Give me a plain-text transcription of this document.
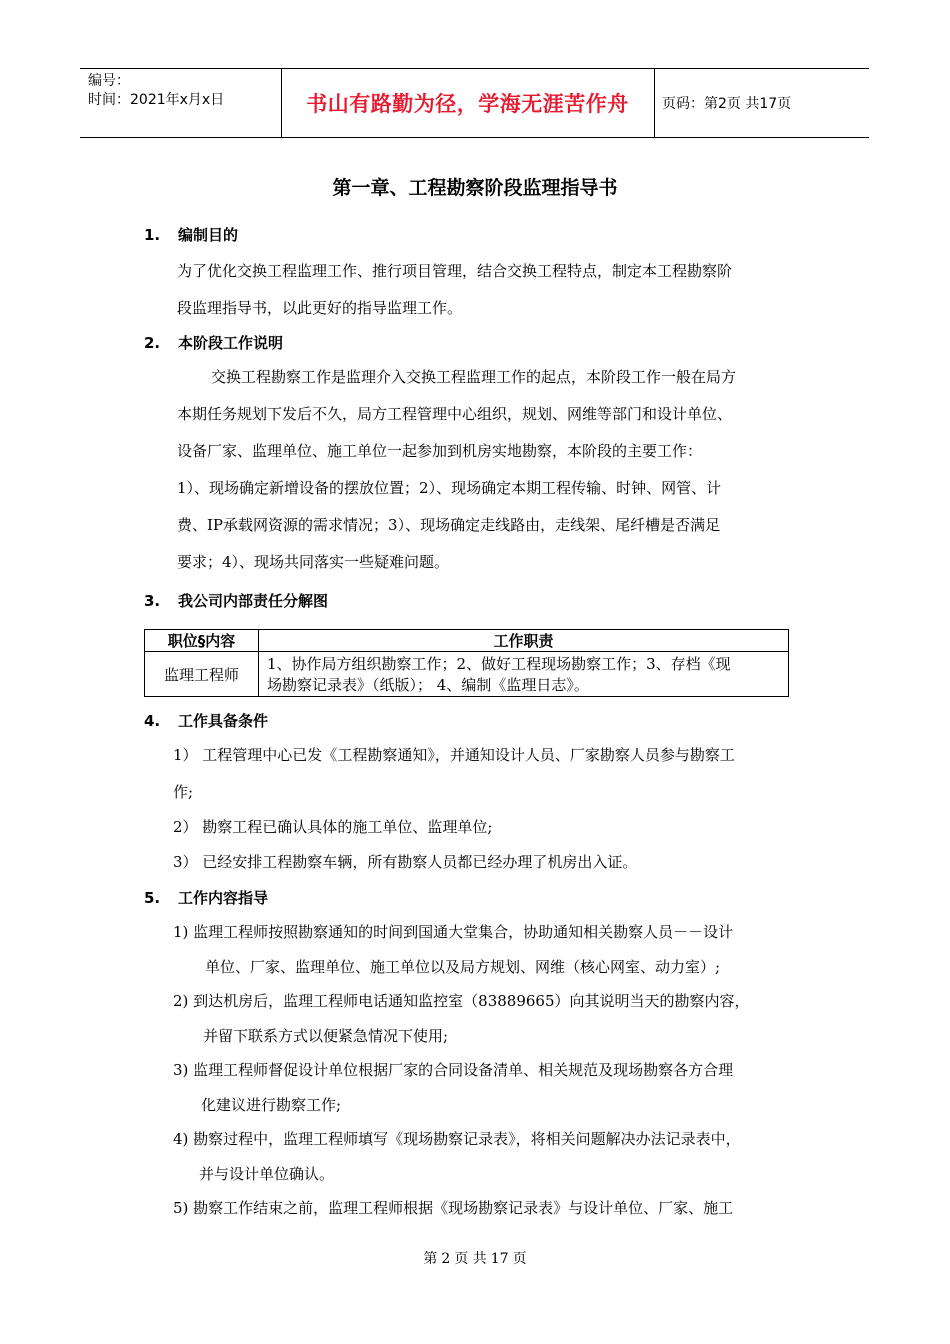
编号：
时间：2021年x月x日	书山有路勤为径，学海无涯苦作舟	页码：第2页 共17页
第一章、工程勘察阶段监理指导书
1. 编制目的
为了优化交换工程监理工作、推行项目管理，结合交换工程特点，制定本工程勘察阶
段监理指导书，以此更好的指导监理工作。
2. 本阶段工作说明
交换工程勘察工作是监理介入交换工程监理工作的起点，本阶段工作一般在局方
本期任务规划下发后不久，局方工程管理中心组织，规划、网维等部门和设计单位、
设备厂家、监理单位、施工单位一起参加到机房实地勘察，本阶段的主要工作：
1）、现场确定新增设备的摆放位置；2）、现场确定本期工程传输、时钟、网管、计
费、IP承载网资源的需求情况；3）、现场确定走线路由，走线架、尾纤槽是否满足
要求；4）、现场共同落实一些疑难问题。
3. 我公司内部责任分解图
职位§内容	工作职责
监理工程师	1、协作局方组织勘察工作；2、做好工程现场勘察工作；3、存档《现
场勘察记录表》（纸版）； 4、编制《监理日志》。
4. 工作具备条件
1） 工程管理中心已发《工程勘察通知》，并通知设计人员、厂家勘察人员参与勘察工
作;
2） 勘察工程已确认具体的施工单位、监理单位;
3） 已经安排工程勘察车辆，所有勘察人员都已经办理了机房出入证。
5. 工作内容指导
1) 监理工程师按照勘察通知的时间到国通大堂集合，协助通知相关勘察人员－－设计
单位、厂家、监理单位、施工单位以及局方规划、网维（核心网室、动力室）;
2) 到达机房后，监理工程师电话通知监控室（83889665）向其说明当天的勘察内容，
并留下联系方式以便紧急情况下使用;
3) 监理工程师督促设计单位根据厂家的合同设备清单、相关规范及现场勘察各方合理
化建议进行勘察工作;
4) 勘察过程中，监理工程师填写《现场勘察记录表》，将相关问题解决办法记录表中，
并与设计单位确认。
5) 勘察工作结束之前，监理工程师根据《现场勘察记录表》与设计单位、厂家、施工
第 2 页 共 17 页
